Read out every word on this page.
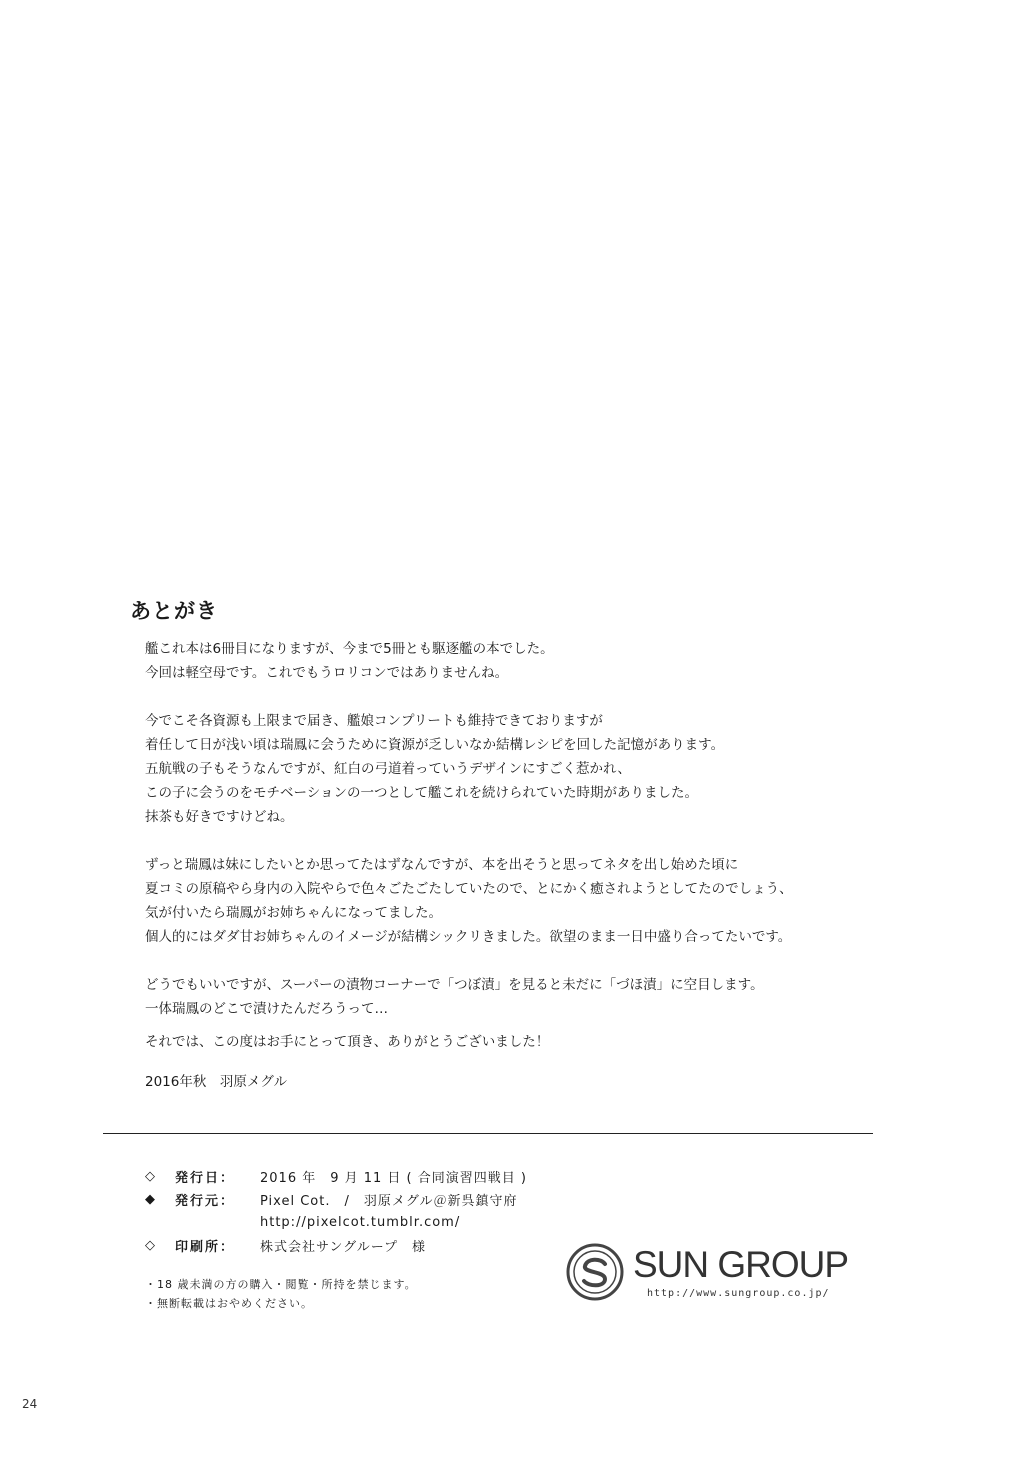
あとがき
艦これ本は6冊目になりますが、今まで5冊とも駆逐艦の本でした。
今回は軽空母です。これでもうロリコンではありませんね。
今でこそ各資源も上限まで届き、艦娘コンプリートも維持できておりますが
着任して日が浅い頃は瑞鳳に会うために資源が乏しいなか結構レシピを回した記憶があります。
五航戦の子もそうなんですが、紅白の弓道着っていうデザインにすごく惹かれ、
この子に会うのをモチベーションの一つとして艦これを続けられていた時期がありました。
抹茶も好きですけどね。
ずっと瑞鳳は妹にしたいとか思ってたはずなんですが、本を出そうと思ってネタを出し始めた頃に
夏コミの原稿やら身内の入院やらで色々ごたごたしていたので、とにかく癒されようとしてたのでしょう、
気が付いたら瑞鳳がお姉ちゃんになってました。
個人的にはダダ甘お姉ちゃんのイメージが結構シックリきました。欲望のまま一日中盛り合ってたいです。
どうでもいいですが、スーパーの漬物コーナーで「つぼ漬」を見ると未だに「づほ漬」に空目します。
一体瑞鳳のどこで漬けたんだろうって…
それでは、この度はお手にとって頂き、ありがとうございました！
2016年秋　羽原メグル
◇	発行日：	2016 年　9 月 11 日 ( 合同演習四戦目 )
◆	発行元：	Pixel Cot.　/　羽原メグル＠新呉鎮守府
http://pixelcot.tumblr.com/
◇	印刷所：	株式会社サングループ　様
・18 歳未満の方の購入・閲覧・所持を禁じます。
・無断転載はおやめください。
SUN GROUP
http://www.sungroup.co.jp/
24
